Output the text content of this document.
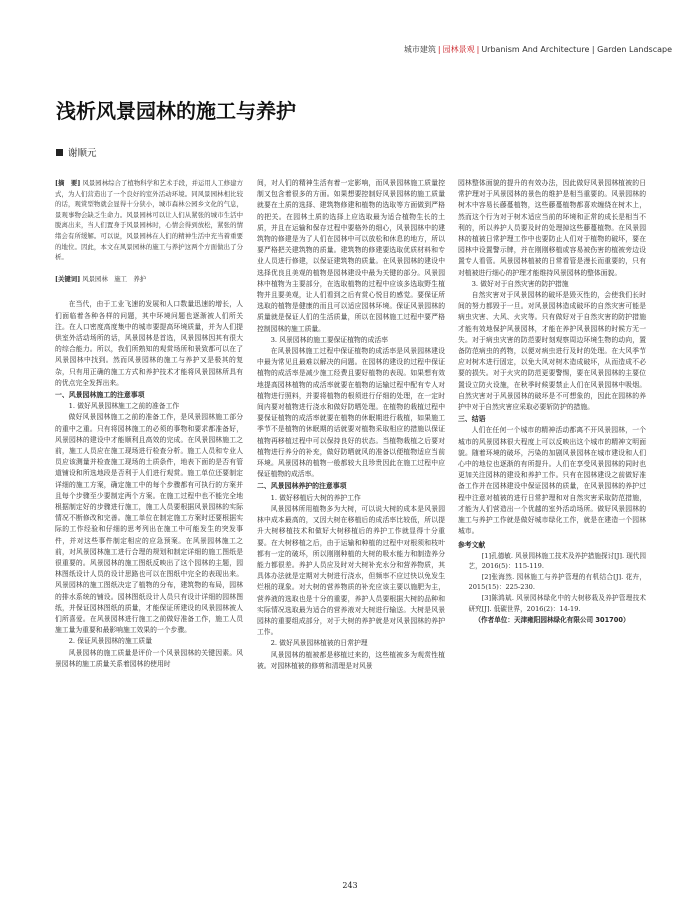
城市建筑 | 园林景观 | Urbanism And Architecture | Garden Landscape
浅析风景园林的施工与养护
谢顺元
[摘　要] 风景园林综合了植物科学和艺术手段，并运用人工修建方式，为人们营造出了一个良好的室外活动环境。同风景园林相比较的话，观赏型物就会显得十分狭小，城市森林公园乡文化的气息，景观事物会缺乏生命力。风景园林可以让人们从紧张的城市生活中脱离出来，当人们置身于风景园林时，心情会得到放松，紧张的情绪会有所缓解。可以说，风景园林在人们的精神生活中充当着重要的地位。因此，本文在风景园林的施工与养护这两个方面做出了分析。
[关键词] 风景园林　施工　养护

在当代，由于工业飞速的发展和人口数量迅速的增长，人们面临着各种各样的问题，其中环境问题也逐渐被人们所关注。在人口密度高度集中的城市要提高环境质量，并为人们提供室外活动场所的话，风景园林是首选，风景园林因其有很大的综合能力。所以，我们所熟知的观赏场所和景致都可以在了风景园林中找到。然而风景园林的施工与养护又是极其的复杂，只有用正确的施工方式和养护技术才能将风景园林所具有的优点完全发挥出来。

一、风景园林施工的注意事项

1. 做好风景园林施工之前的准备工作

做好风景园林施工之前的准备工作，是风景园林施工部分的重中之重。只有将园林施工的必须的事物和要求都准备好，风景园林的建设中才能顺利且高效的完成。在风景园林施工之前，施工人员应在施工现场进行检查分析。施工人员和专业人员应该测量并检查施工现场的土质条件，地表下面的是否有管道铺设和所选地段是否利于人们进行观赏。施工单位还要制定详细的施工方案，确定施工中的每个步骤都有可执行的方案并且每个步骤至少要制定两个方案。在施工过程中也不能完全地根据制定好的步骤进行施工，施工人员要根据风景园林的实际情况不断修改和完善。施工单位在制定施工方案时还要根据实际的工作经验和仔细的思考列出在施工中可能发生的突发事件，并对这些事件制定相应的应急预案。在风景园林施工之前，对风景园林施工进行合理的规划和制定详细的施工图纸是很重要的。风景园林的施工图纸反映出了这个园林的主题，园林图纸设计人员的设计思路也可以在图纸中完全的表现出来。风景园林的施工图纸决定了植物的分布，建筑物的布局，园林的排水系统的铺设。园林图纸设计人员只有设计详细的园林图纸，并保证园林图纸的质量，才能保证所建设的风景园林被人们所喜爱。在风景园林进行施工之前做好准备工作，施工人员施工量为重要和最影响施工效果的一个步骤。

2. 保证风景园林的施工质量

风景园林的施工质量是评价一个风景园林的关键因素。风景园林的施工质量关系着园林的使用时

间，对人们的精神生活有着一定影响，而风景园林施工质量控制又包含着很多的方面。如果想要控制好风景园林的施工质量就要在土质的选择、建筑物修建和植物的选取等方面做到严格的把关。在园林土质的选择上应选取最为适合植物生长的土质，并且在运输和保存过程中要格外的细心，风景园林中的建筑物的修建是为了人们在园林中可以放松和休息的地方，所以要严格把关建筑物的质量。建筑物的修建要选取优质材料和专业人员进行修建，以保证建筑物的质量。在风景园林的建设中选择优良且美观的植物是园林建设中最为关键的部分。风景园林中植物为主要部分，在选取植物的过程中应该多选取野生植物并且要美观，让人们看到之后有赏心悦目的感觉。要保证所选取的植物是健康的而且可以适应园林环境。保证风景园林的质量就是保证人们的生活质量，所以在园林施工过程中要严格控制园林的施工质量。

3. 风景园林的施工要保证植物的成活率

在风景园林施工过程中保证植物的成活率是风景园林建设中最为常见且最难以解决的问题。在园林的建设的过程中保证植物的成活率是减少施工经费且要好植物的表现。如果想有效地提高园林植物的成活率就要在植物的运输过程中配有专人对植物进行照料，并要将植物的根须进行仔细的处理，在一定时间内要对植物进行浇水和做好防晒处理。在植物的栽植过程中要保证植物的成活率就要在植物的休眠期进行栽植，如果施工季节不是植物的休眠期的话就要对植物采取相应的措施以保证植物再移植过程中可以保持良好的状态。当植物栽植之后要对植物进行养分的补充，做好防晒就风的准备以便植物适应当前环境。风景园林的植物一般都较大且珍贵因此在施工过程中应保证植物的成活率。

二、风景园林养护的注意事项

1. 做好移植后大树的养护工作

风景园林所用植物多为大树，可以说大树的成本是风景园林中成本最高的，又因大树在移植后的成活率比较低，所以提升大树移植技术和做好大树移植后的养护工作就显得十分重要。在大树移植之后，由于运输和种植的过程中对根须和枝叶都有一定的破坏，所以刚刚种植的大树的吸水能力和制造养分能力都很差。养护人员应及时对大树补充水分和营养物质，其具体办法就是定期对大树进行浇水，但频率不应过快以免发生烂根的现象。对大树的营养物质的补充应该主要以施肥为主，营养液的选取也是十分的重要，养护人员要根据大树的品种和实际情况选取最为适合的营养液对大树进行输送。大树是风景园林的重要组成部分，对于大树的养护就是对风景园林的养护工作。

2. 做好风景园林植被的日常护理

风景园林的植被都是移植过来的，这些植被多为观赏性植被。对园林植被的修剪和清理是对风景

园林整体面貌的提升的有效办法，因此做好风景园林植被的日常护理对于风景园林的景色的维护是相当重要的。风景园林的树木中容易长藤蔓植物，这些藤蔓植物都喜欢缠绕在树木上，然而这个行为对于树木适应当前的环境和正常的成长是相当不利的，所以养护人员要及时的处理掉这些藤蔓植物。在风景园林的植被日常护理工作中也要防止人们对于植物的破坏，要在园林中设置警示牌，并在刚刚移植或容易被伤害的植被旁边设置专人看管。风景园林植被的日常看管是漫长而重要的，只有对植被进行细心的护理才能维持风景园林的整体面貌。

3. 做好对于自然灾害的防护措施

自然灾害对于风景园林的破坏是毁灭性的，会使我们长时间的努力都毁于一旦。对风景园林造成破坏的自然灾害可能是病虫灾害、大风、火灾等。只有做好对于自然灾害的防护措施才能有效地保护风景园林，才能在养护风景园林的时候方无一失。对于病虫灾害的防范要时刻观察周边环境生物的动向，置备防范病虫的药物，以便对病虫进行及时的处理。在大风季节应对树木进行固定，以免大风对树木造成破坏，从而造成不必要的损失。对于火灾的防范更要警惕，要在风景园林的主要位置设立防火设施，在秋季时候要禁止人们在风景园林中吸烟。自然灾害对于风景园林的破坏是不可想象的，因此在园林的养护中对于自然灾害应采取必要斩防护的措施。

三、结语

人们在任何一个城市的精神活动都离不开风景园林，一个城市的风景园林很大程度上可以反映出这个城市的精神文明面貌。随着环境的破坏，污染的加剧风景园林在城市建设和人们心中的地位也逐渐的有所提升。人们在享受风景园林的同时也更加关注园林的建设和养护工作。只有在园林建设之前做好准备工作并在园林建设中保证园林的质量，在风景园林的养护过程中注意对植被的进行日常护理和对自然灾害采取防范措施，才能为人们营造出一个优越的室外活动场所。做好风景园林的施工与养护工作就是做好城市绿化工作，就是在建造一个园林城市。

参考文献

[1]孔德敏. 风景园林施工技术及养护措施探讨[J]. 现代园艺，2016(5)：115-119.

[2]张海然. 园林施工与养护管理的有机结合[J]. 花卉，2015(15)：225-230.

[3]陈鸿斌. 风景园林绿化中的大树移栽及养护管理技术研究[J]. 低碳世界，2016(2)：14-19.

（作者单位：天津雍阳园林绿化有限公司 301700）
243
